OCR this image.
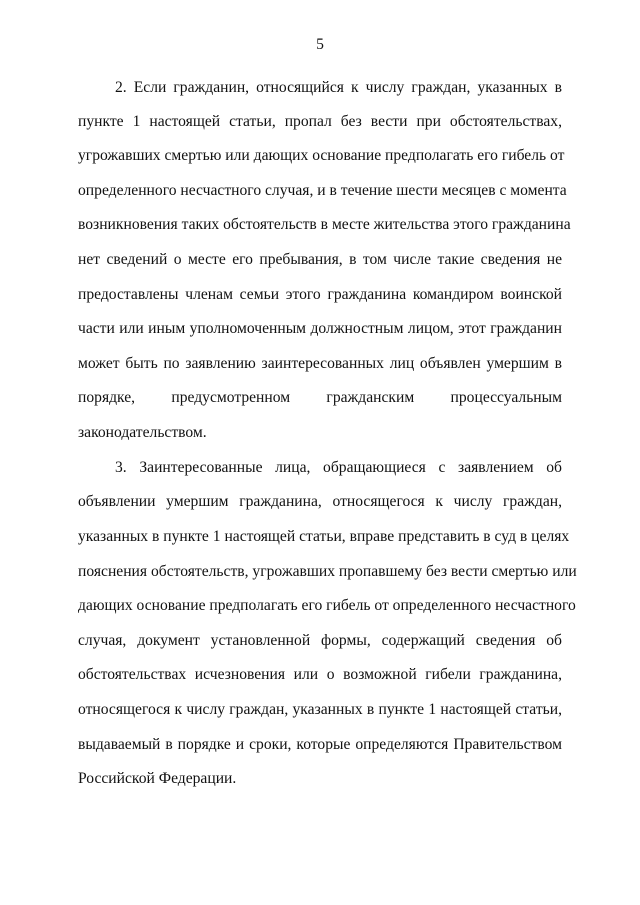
5
2. Если гражданин, относящийся к числу граждан, указанных в
пункте 1 настоящей статьи, пропал без вести при обстоятельствах,
угрожавших смертью или дающих основание предполагать его гибель от
определенного несчастного случая, и в течение шести месяцев с момента
возникновения таких обстоятельств в месте жительства этого гражданина
нет сведений о месте его пребывания, в том числе такие сведения не
предоставлены членам семьи этого гражданина командиром воинской
части или иным уполномоченным должностным лицом, этот гражданин
может быть по заявлению заинтересованных лиц объявлен умершим в
порядке, предусмотренном гражданским процессуальным
законодательством.
3. Заинтересованные лица, обращающиеся с заявлением об
объявлении умершим гражданина, относящегося к числу граждан,
указанных в пункте 1 настоящей статьи, вправе представить в суд в целях
пояснения обстоятельств, угрожавших пропавшему без вести смертью или
дающих основание предполагать его гибель от определенного несчастного
случая, документ установленной формы, содержащий сведения об
обстоятельствах исчезновения или о возможной гибели гражданина,
относящегося к числу граждан, указанных в пункте 1 настоящей статьи,
выдаваемый в порядке и сроки, которые определяются Правительством
Российской Федерации.
